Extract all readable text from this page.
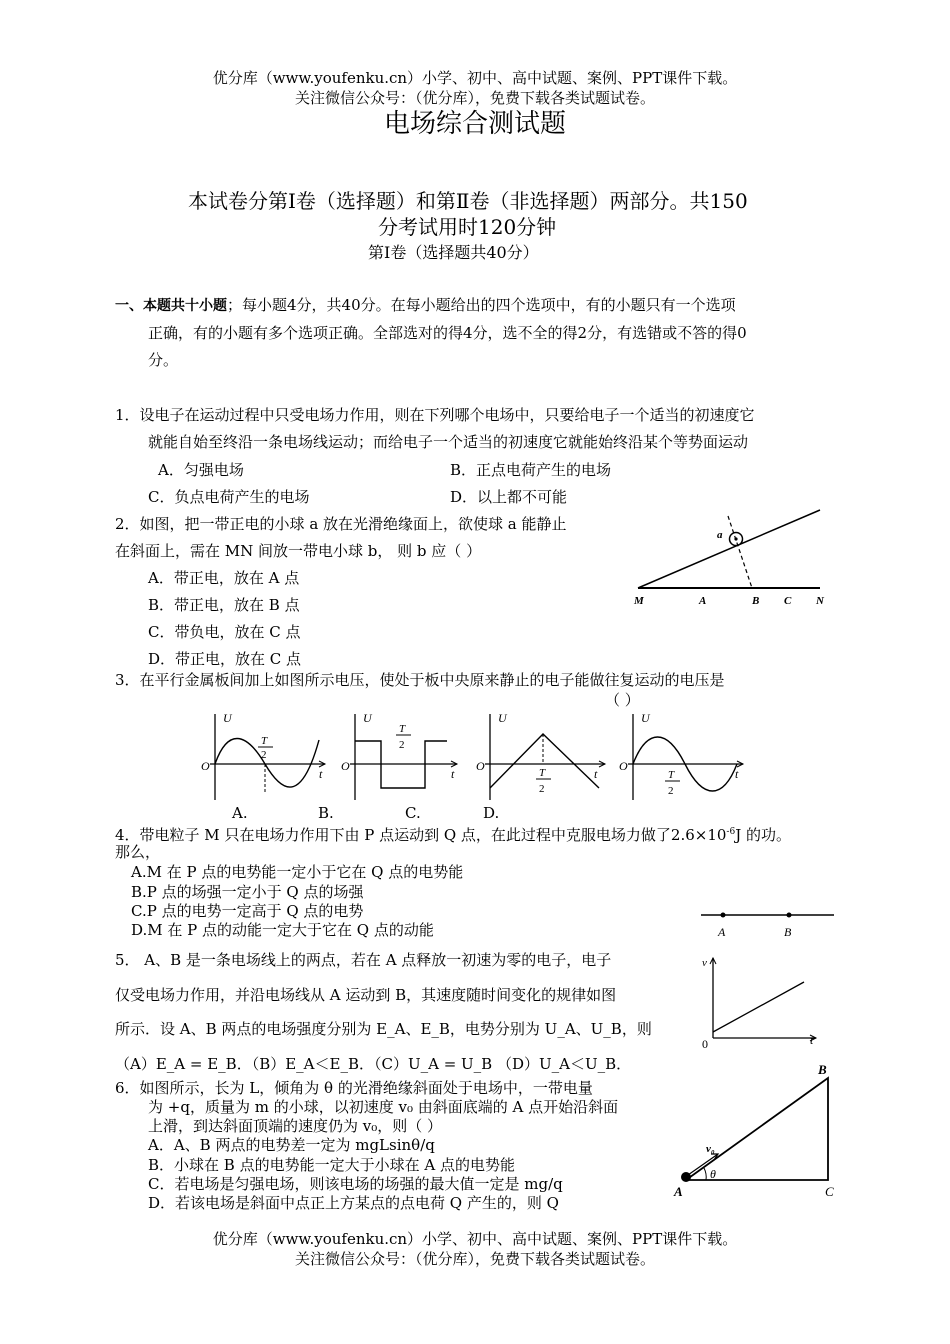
优分库（www.youfenku.cn）小学、初中、高中试题、案例、PPT课件下载。
关注微信公众号：（优分库），免费下载各类试题试卷。
电场综合测试题
本试卷分第Ⅰ卷（选择题）和第Ⅱ卷（非选择题）两部分。共150
分考试用时120分钟
第Ⅰ卷（选择题共40分）
一、本题共十小题；每小题4分，共40分。在每小题给出的四个选项中，有的小题只有一个选项
正确，有的小题有多个选项正确。全部选对的得4分，选不全的得2分，有选错或不答的得0
分。
1．设电子在运动过程中只受电场力作用，则在下列哪个电场中，只要给电子一个适当的初速度它
就能自始至终沿一条电场线运动；而给电子一个适当的初速度它就能始终沿某个等势面运动
A．匀强电场	B．正点电荷产生的电场
C．负点电荷产生的电场	D．以上都不可能
2．如图，把一带正电的小球 a 放在光滑绝缘面上，欲使球 a 能静止
在斜面上，需在 MN 间放一带电小球 b， 则 b 应（ ）
A．带正电，放在 A 点
B．带正电，放在 B 点
C．带负电，放在 C 点
D．带正电，放在 C 点
a
M	A	B C N
3．在平行金属板间加上如图所示电压，使处于板中央原来静止的电子能做往复运动的电压是
（ ）
U
O
t
T
2
U
O
t
T
2
U
O
t
T
2
U
O
t
T
2
A.	B.	C.	D.
4．带电粒子 M 只在电场力作用下由 P 点运动到 Q 点，在此过程中克服电场力做了$2.6\times 10^{-6}J$ 的功。
那么，
A.M 在 P 点的电势能一定小于它在 Q 点的电势能
B.P 点的场强一定小于 Q 点的场强
C.P 点的电势一定高于 Q 点的电势
D.M 在 P 点的动能一定大于它在 Q 点的动能	A	B
v
0	t
5． A、B 是一条电场线上的两点，若在 A 点释放一初速为零的电子，电子
仅受电场力作用，并沿电场线从 A 运动到 B，其速度随时间变化的规律如图
所示．设 A、B 两点的电场强度分别为 E_A、E_B，电势分别为 U_A、U_B，则
（A）E_A = E_B．（B）E_A＜E_B．（C）U_A = U_B （D）U_A＜U_B．
6．如图所示，长为 L，倾角为 θ 的光滑绝缘斜面处于电场中，一带电量
为 +q，质量为 m 的小球，以初速度 v₀ 由斜面底端的 A 点开始沿斜面
上滑，到达斜面顶端的速度仍为 v₀，则（ ）
A．A、B 两点的电势差一定为 mgLsinθ/q
B．小球在 B 点的电势能一定大于小球在 A 点的电势能
C．若电场是匀强电场，则该电场的场强的最大值一定是 mg/q
D．若该电场是斜面中点正上方某点的点电荷 Q 产生的，则 Q
B
A	C
v₀
θ
优分库（www.youfenku.cn）小学、初中、高中试题、案例、PPT课件下载。
关注微信公众号：（优分库），免费下载各类试题试卷。
